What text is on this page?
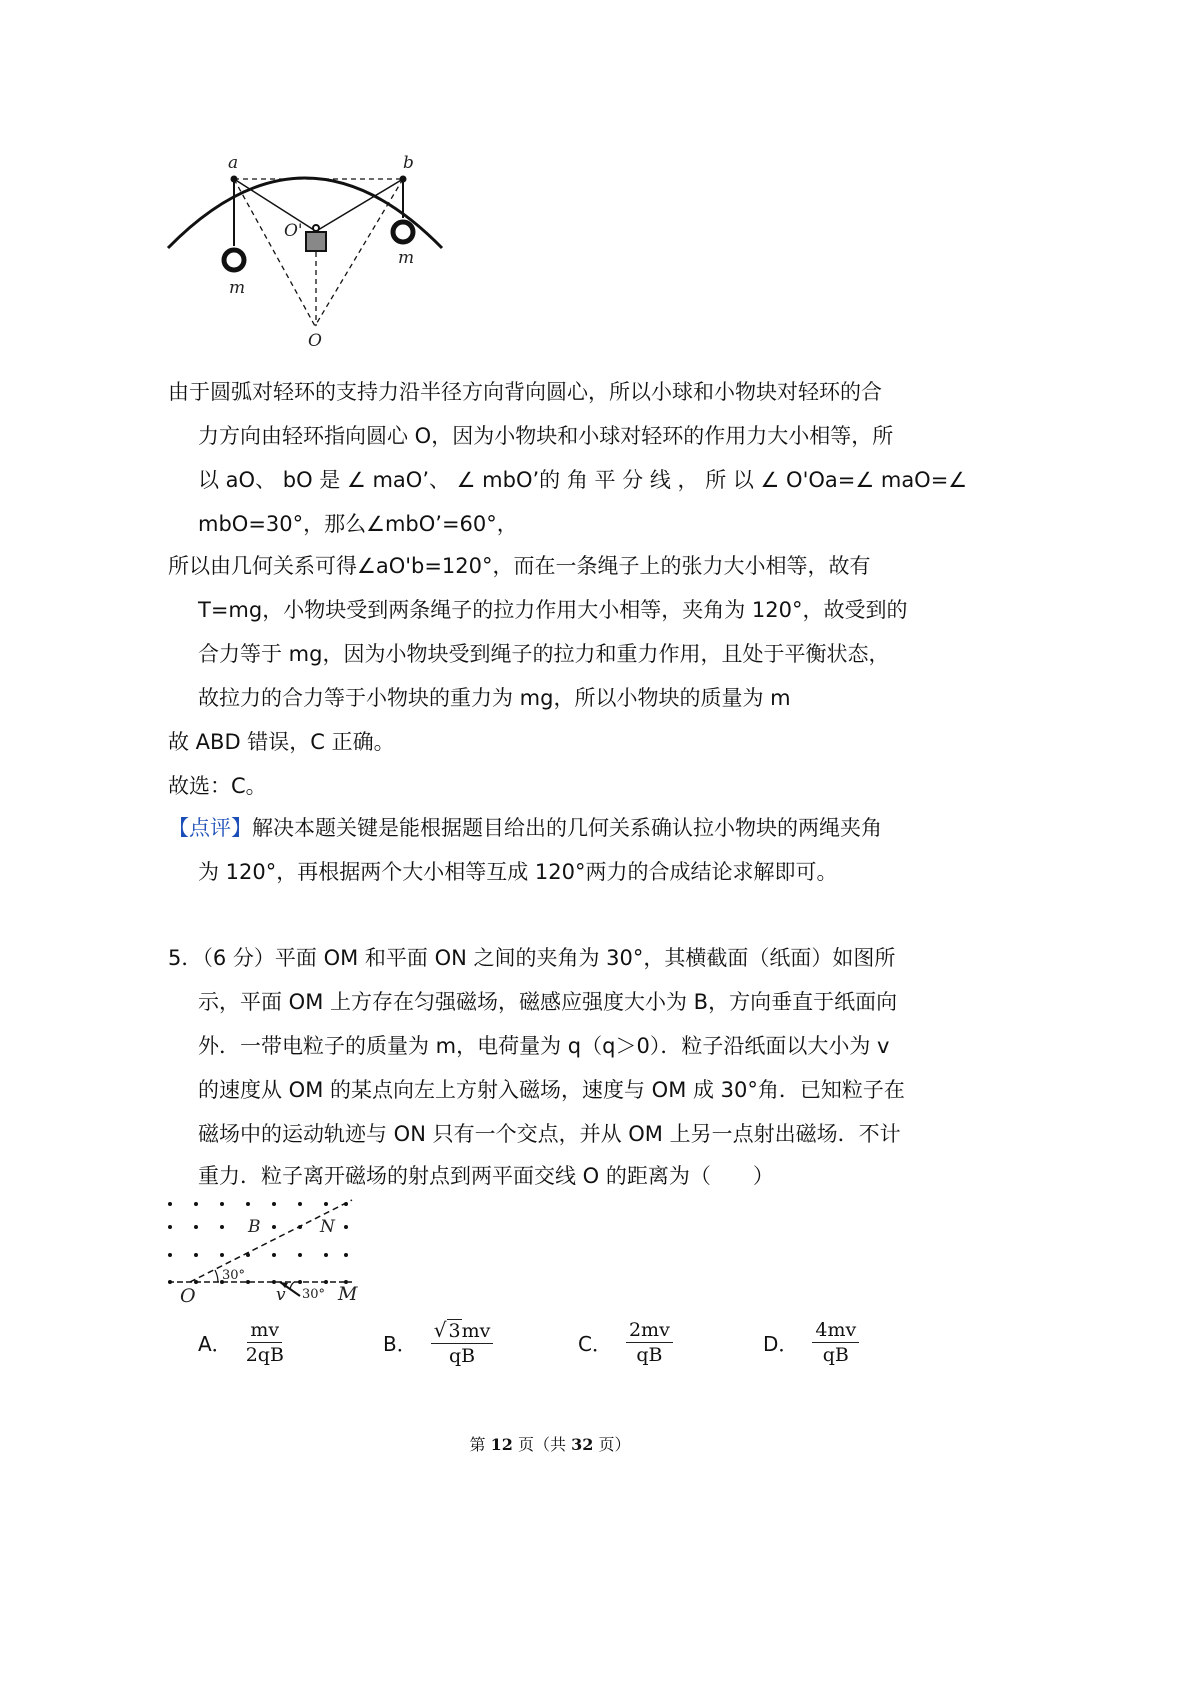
a	b
O'
O
m
m
由于圆弧对轻环的支持力沿半径方向背向圆心，所以小球和小物块对轻环的合
力方向由轻环指向圆心 O，因为小物块和小球对轻环的作用力大小相等，所
以 aO、 bO 是 ∠ maO’、 ∠ mbO’的 角 平 分 线 ， 所 以 ∠ O'Oa=∠ maO=∠
mbO=30°，那么∠mbO’=60°，
所以由几何关系可得∠aO'b=120°，而在一条绳子上的张力大小相等，故有
T=mg，小物块受到两条绳子的拉力作用大小相等，夹角为 120°，故受到的
合力等于 mg，因为小物块受到绳子的拉力和重力作用，且处于平衡状态，
故拉力的合力等于小物块的重力为 mg，所以小物块的质量为 m
故 ABD 错误，C 正确。
故选：C。
【点评】解决本题关键是能根据题目给出的几何关系确认拉小物块的两绳夹角
为 120°，再根据两个大小相等互成 120°两力的合成结论求解即可。
5．（6 分）平面 OM 和平面 ON 之间的夹角为 30°，其横截面（纸面）如图所
示，平面 OM 上方存在匀强磁场，磁感应强度大小为 B，方向垂直于纸面向
外．一带电粒子的质量为 m，电荷量为 q（q＞0）．粒子沿纸面以大小为 v
的速度从 OM 的某点向左上方射入磁场，速度与 OM 成 30°角．已知粒子在
磁场中的运动轨迹与 ON 只有一个交点，并从 OM 上另一点射出磁场．不计
重力．粒子离开磁场的射点到两平面交线 O 的距离为（　　）
B	N
O	M
v
30°
30°
A． $\frac{mv}{2qB}$	B． $\frac{√ 3mv}{qB}$	C． $\frac{2mv}{qB}$	D． $\frac{4mv}{qB}$
第 12 页（共 32 页）
